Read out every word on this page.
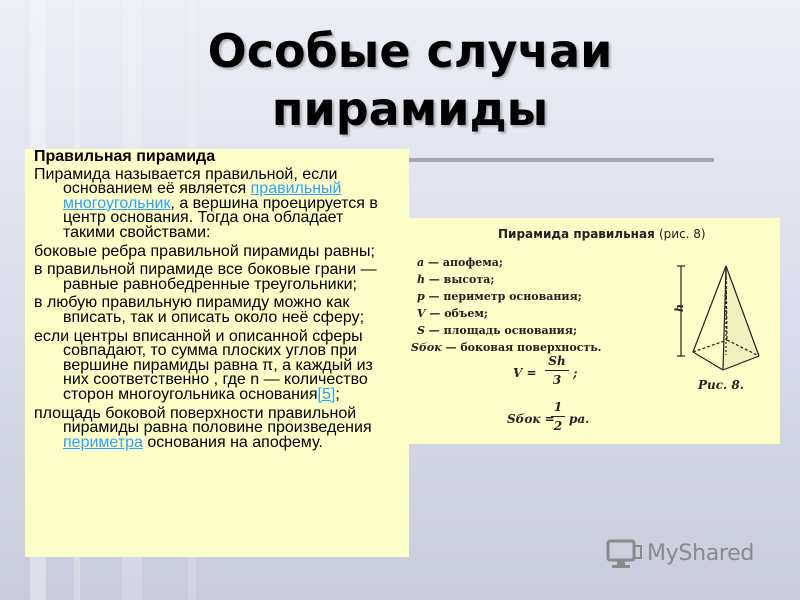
Особые случаи
пирамиды

Правильная пирамида

Пирамида называется правильной, если основанием её является правильный многоугольник, а вершина проецируется в центр основания. Тогда она обладает такими свойствами:

боковые ребра правильной пирамиды равны;

в правильной пирамиде все боковые грани — равные равнобедренные треугольники;

в любую правильную пирамиду можно как вписать, так и описать около неё сферу;

если центры вписанной и описанной сферы совпадают, то сумма плоских углов при вершине пирамиды равна π, а каждый из них соответственно , где n — количество сторон многоугольника основания[5];

площадь боковой поверхности правильной пирамиды равна половине произведения периметра основания на апофему.

Пирамида правильная (рис. 8)
a — апофема;
h — высота;
p — периметр основания;
V — объем;
S — площадь основания;
Sбок — боковая поверхность.
V =
Sh
3 ;
Sбок =
1
2 pa.
h
Рис. 8.
MyShared
